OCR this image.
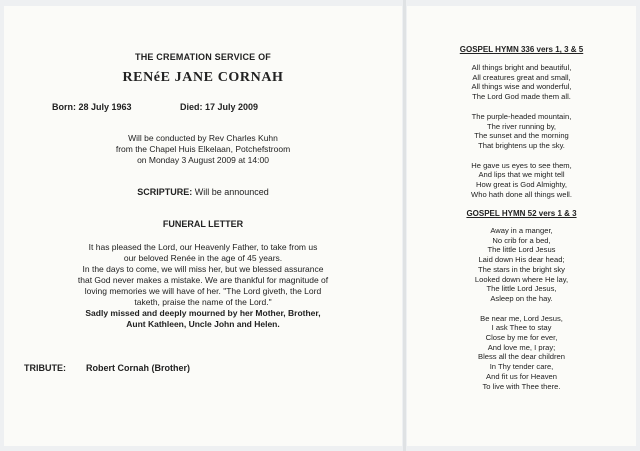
THE CREMATION SERVICE OF
RENéE JANE CORNAH
Born: 28 July 1963	Died: 17 July 2009
Will be conducted by Rev Charles Kuhn
from the Chapel Huis Elkelaan, Potchefstroom
on Monday 3 August 2009 at 14:00
SCRIPTURE: Will be announced
FUNERAL LETTER
It has pleased the Lord, our Heavenly Father, to take from us
our beloved Renée in the age of 45 years.
In the days to come, we will miss her, but we blessed assurance
that God never makes a mistake. We are thankful for magnitude of
loving memories we will have of her. "The Lord giveth, the Lord
taketh, praise the name of the Lord."
Sadly missed and deeply mourned by her Mother, Brother,
Aunt Kathleen, Uncle John and Helen.
TRIBUTE: Robert Cornah (Brother)
GOSPEL HYMN 336 vers 1, 3 & 5
All things bright and beautiful,
All creatures great and small,
All things wise and wonderful,
The Lord God made them all.
The purple-headed mountain,
The river running by,
The sunset and the morning
That brightens up the sky.
He gave us eyes to see them,
And lips that we might tell
How great is God Almighty,
Who hath done all things well.
GOSPEL HYMN 52 vers 1 & 3
Away in a manger,
No crib for a bed,
The little Lord Jesus
Laid down His dear head;
The stars in the bright sky
Looked down where He lay,
The little Lord Jesus,
Asleep on the hay.
Be near me, Lord Jesus,
I ask Thee to stay
Close by me for ever,
And love me, I pray;
Bless all the dear children
In Thy tender care,
And fit us for Heaven
To live with Thee there.
